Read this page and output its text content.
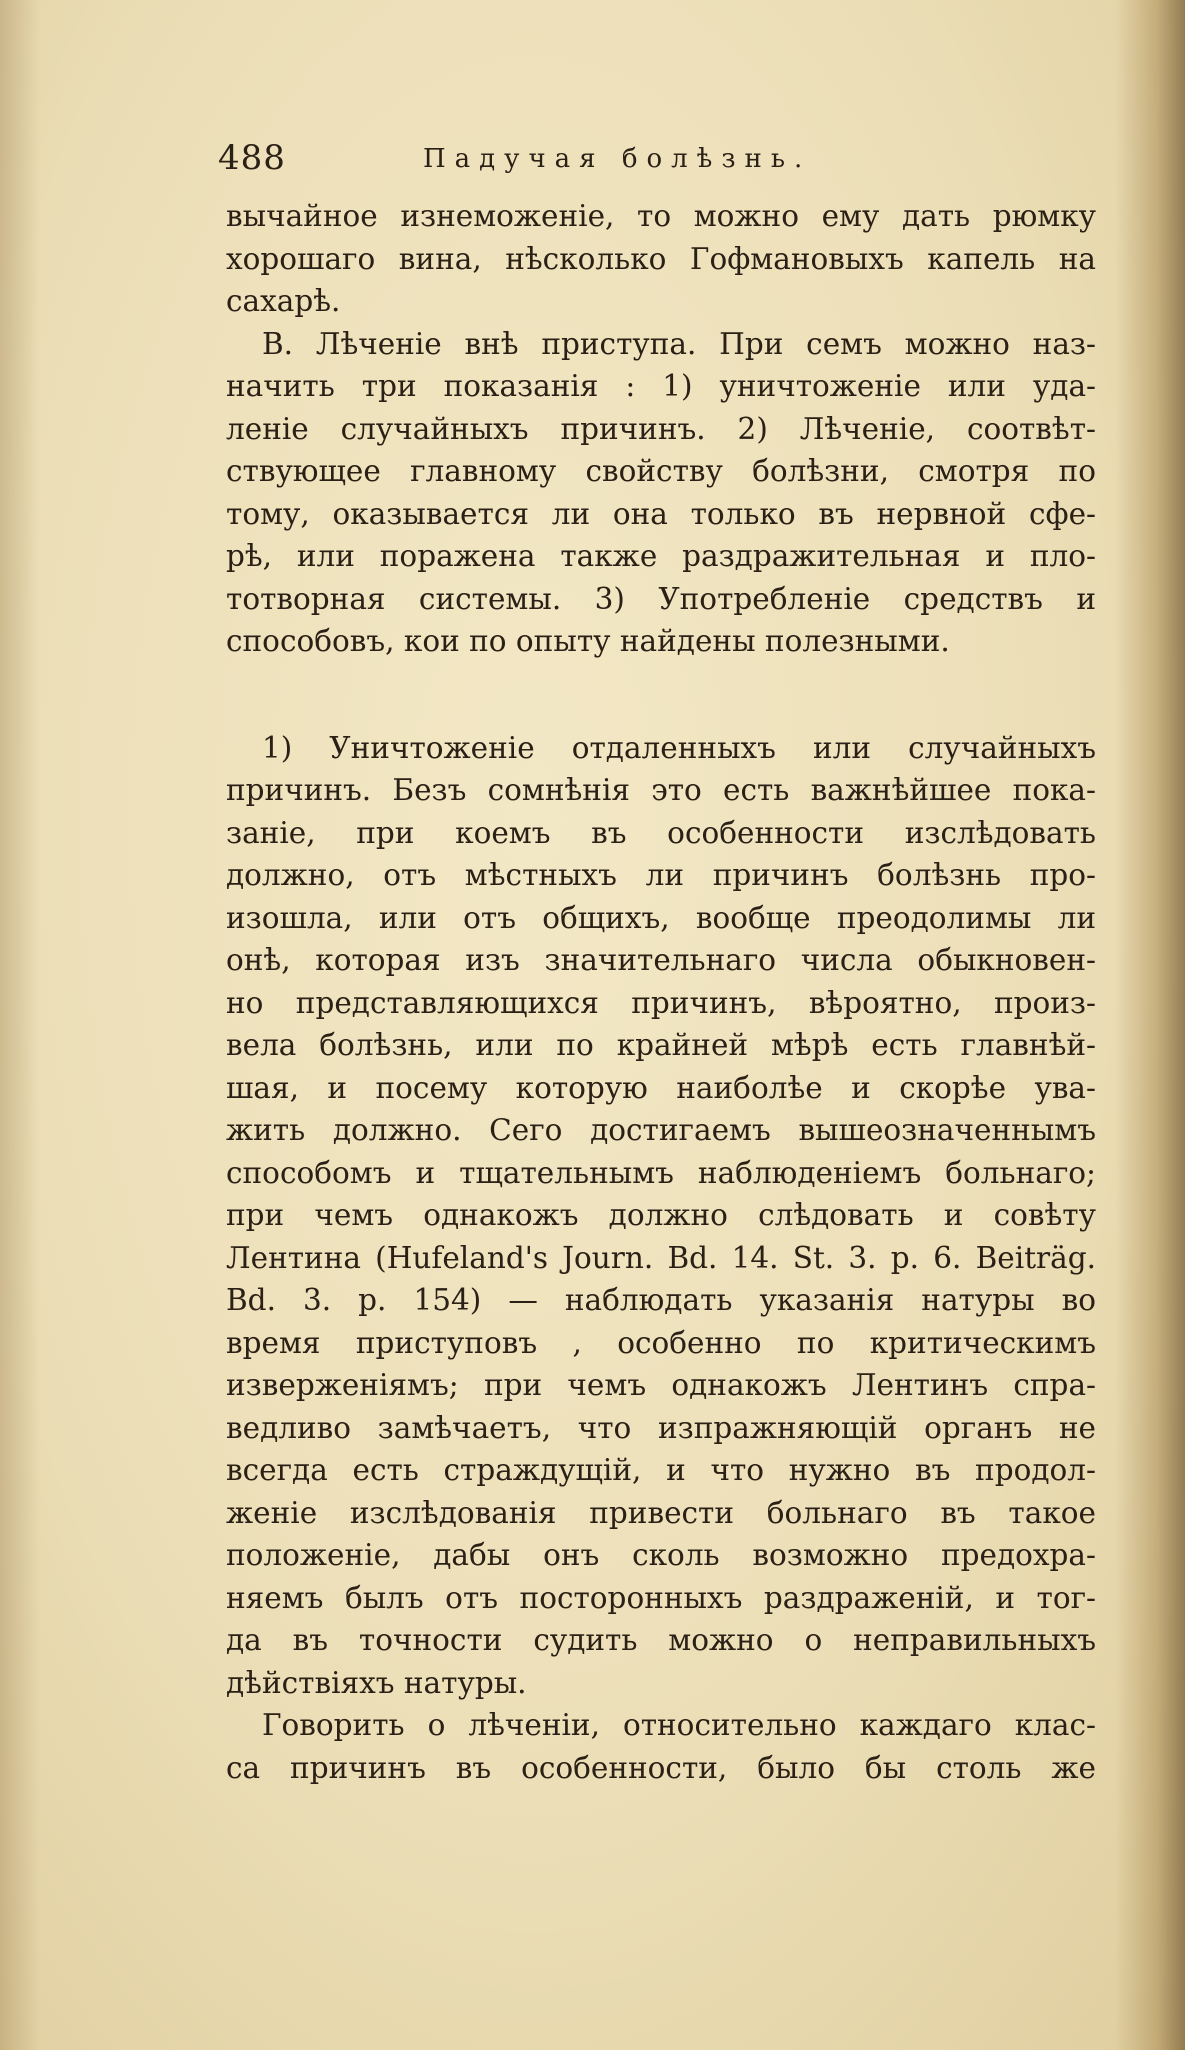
488	Падучая болѣзнь.
вычайное изнеможеніе, то можно ему дать рюмку
хорошаго вина, нѣсколько Гофмановыхъ капель на
сахарѣ.
B. Лѣченіе внѣ приступа. При семъ можно наз-
начить три показанія : 1) уничтоженіе или уда-
леніе случайныхъ причинъ. 2) Лѣченіе, соотвѣт-
ствующее главному свойству болѣзни, смотря по
тому, оказывается ли она только въ нервной сфе-
рѣ, или поражена также раздражительная и пло-
тотворная системы. 3) Употребленіе средствъ и
способовъ, кои по опыту найдены полезными.
1) Уничтоженіе отдаленныхъ или случайныхъ
причинъ. Безъ сомнѣнія это есть важнѣйшее пока-
заніе, при коемъ въ особенности изслѣдовать
должно, отъ мѣстныхъ ли причинъ болѣзнь про-
изошла, или отъ общихъ, вообще преодолимы ли
онѣ, которая изъ значительнаго числа обыкновен-
но представляющихся причинъ, вѣроятно, произ-
вела болѣзнь, или по крайней мѣрѣ есть главнѣй-
шая, и посему которую наиболѣе и скорѣе ува-
жить должно. Сего достигаемъ вышеозначеннымъ
способомъ и тщательнымъ наблюденіемъ больнаго;
при чемъ однакожъ должно слѣдовать и совѣту
Лентина (Hufeland's Journ. Bd. 14. St. 3. p. 6. Beiträg.
Bd. 3. p. 154) — наблюдать указанія натуры во
время приступовъ , особенно по критическимъ
изверженіямъ; при чемъ однакожъ Лентинъ спра-
ведливо замѣчаетъ, что изпражняющій органъ не
всегда есть страждущій, и что нужно въ продол-
женіе изслѣдованія привести больнаго въ такое
положеніе, дабы онъ сколь возможно предохра-
няемъ былъ отъ посторонныхъ раздраженій, и тог-
да въ точности судить можно о неправильныхъ
дѣйствіяхъ натуры.
Говорить о лѣченіи, относительно каждаго клас-
са причинъ въ особенности, было бы столь же
